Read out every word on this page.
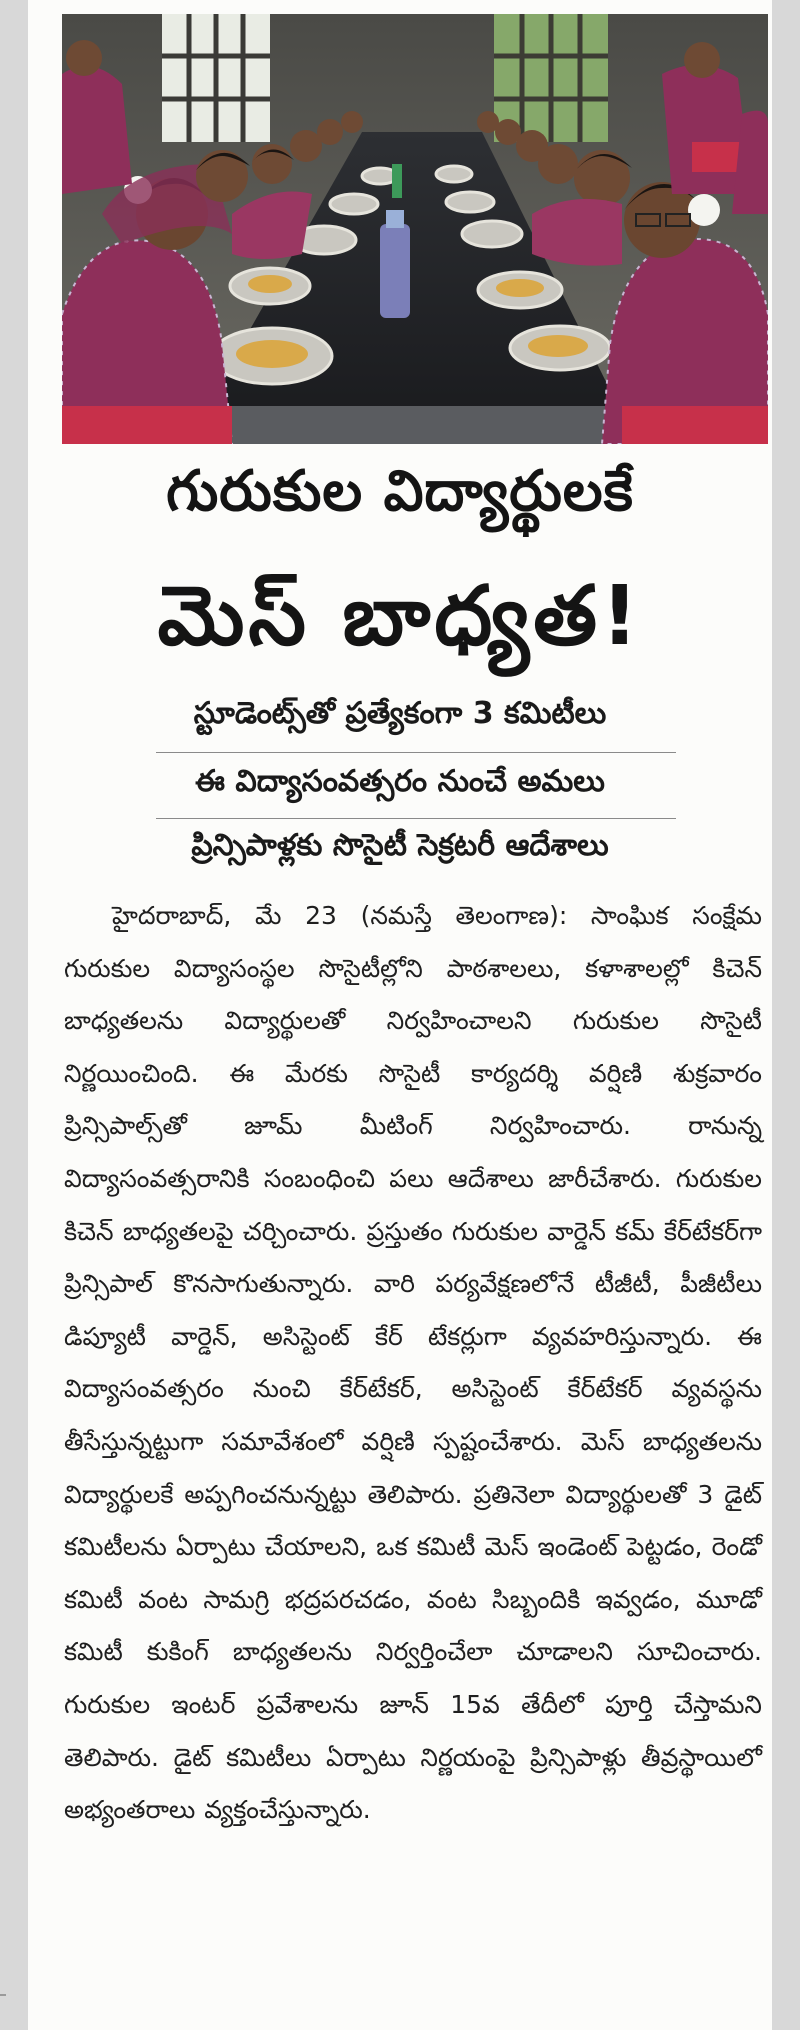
గురుకుల విద్యార్థులకే
మెస్ బాధ్యత!
స్టూడెంట్స్‌తో ప్రత్యేకంగా 3 కమిటీలు
ఈ విద్యాసంవత్సరం నుంచే అమలు
ప్రిన్సిపాళ్లకు సొసైటీ సెక్రటరీ ఆదేశాలు

హైదరాబాద్, మే 23 (నమస్తే తెలంగాణ): సాంఘిక సంక్షేమ గురుకుల విద్యాసంస్థల సొసైటీల్లోని పాఠశాలలు, కళాశాలల్లో కిచెన్ బాధ్యతలను విద్యార్థులతో నిర్వహించాలని గురుకుల సొసైటీ నిర్ణయించింది. ఈ మేరకు సొసైటీ కార్యదర్శి వర్షిణి శుక్రవారం ప్రిన్సిపాల్స్‌తో జూమ్ మీటింగ్ నిర్వహించారు. రానున్న విద్యాసంవత్సరానికి సంబంధించి పలు ఆదేశాలు జారీచేశారు. గురుకుల కిచెన్ బాధ్యతలపై చర్చించారు. ప్రస్తుతం గురుకుల వార్డెన్ కమ్ కేర్‌టేకర్‌గా ప్రిన్సిపాల్ కొనసాగుతున్నారు. వారి పర్యవేక్షణలోనే టీజీటీ, పీజీటీలు డిప్యూటీ వార్డెన్, అసిస్టెంట్ కేర్ టేకర్లుగా వ్యవహరిస్తున్నారు. ఈ విద్యాసంవత్సరం నుంచి కేర్‌టేకర్, అసిస్టెంట్ కేర్‌టేకర్ వ్యవస్థను తీసేస్తున్నట్టుగా సమావేశంలో వర్షిణి స్పష్టంచేశారు. మెస్ బాధ్యతలను విద్యార్థులకే అప్పగించనున్నట్టు తెలిపారు. ప్రతినెలా విద్యార్థులతో 3 డైట్ కమిటీలను ఏర్పాటు చేయాలని, ఒక కమిటీ మెస్ ఇండెంట్ పెట్టడం, రెండో కమిటీ వంట సామగ్రి భద్రపరచడం, వంట సిబ్బందికి ఇవ్వడం, మూడో కమిటీ కుకింగ్ బాధ్యతలను నిర్వర్తించేలా చూడాలని సూచించారు. గురుకుల ఇంటర్ ప్రవేశాలను జూన్ 15వ తేదీలో పూర్తి చేస్తామని తెలిపారు. డైట్ కమిటీలు ఏర్పాటు నిర్ణయంపై ప్రిన్సిపాళ్లు తీవ్రస్థాయిలో అభ్యంతరాలు వ్యక్తంచేస్తున్నారు.
